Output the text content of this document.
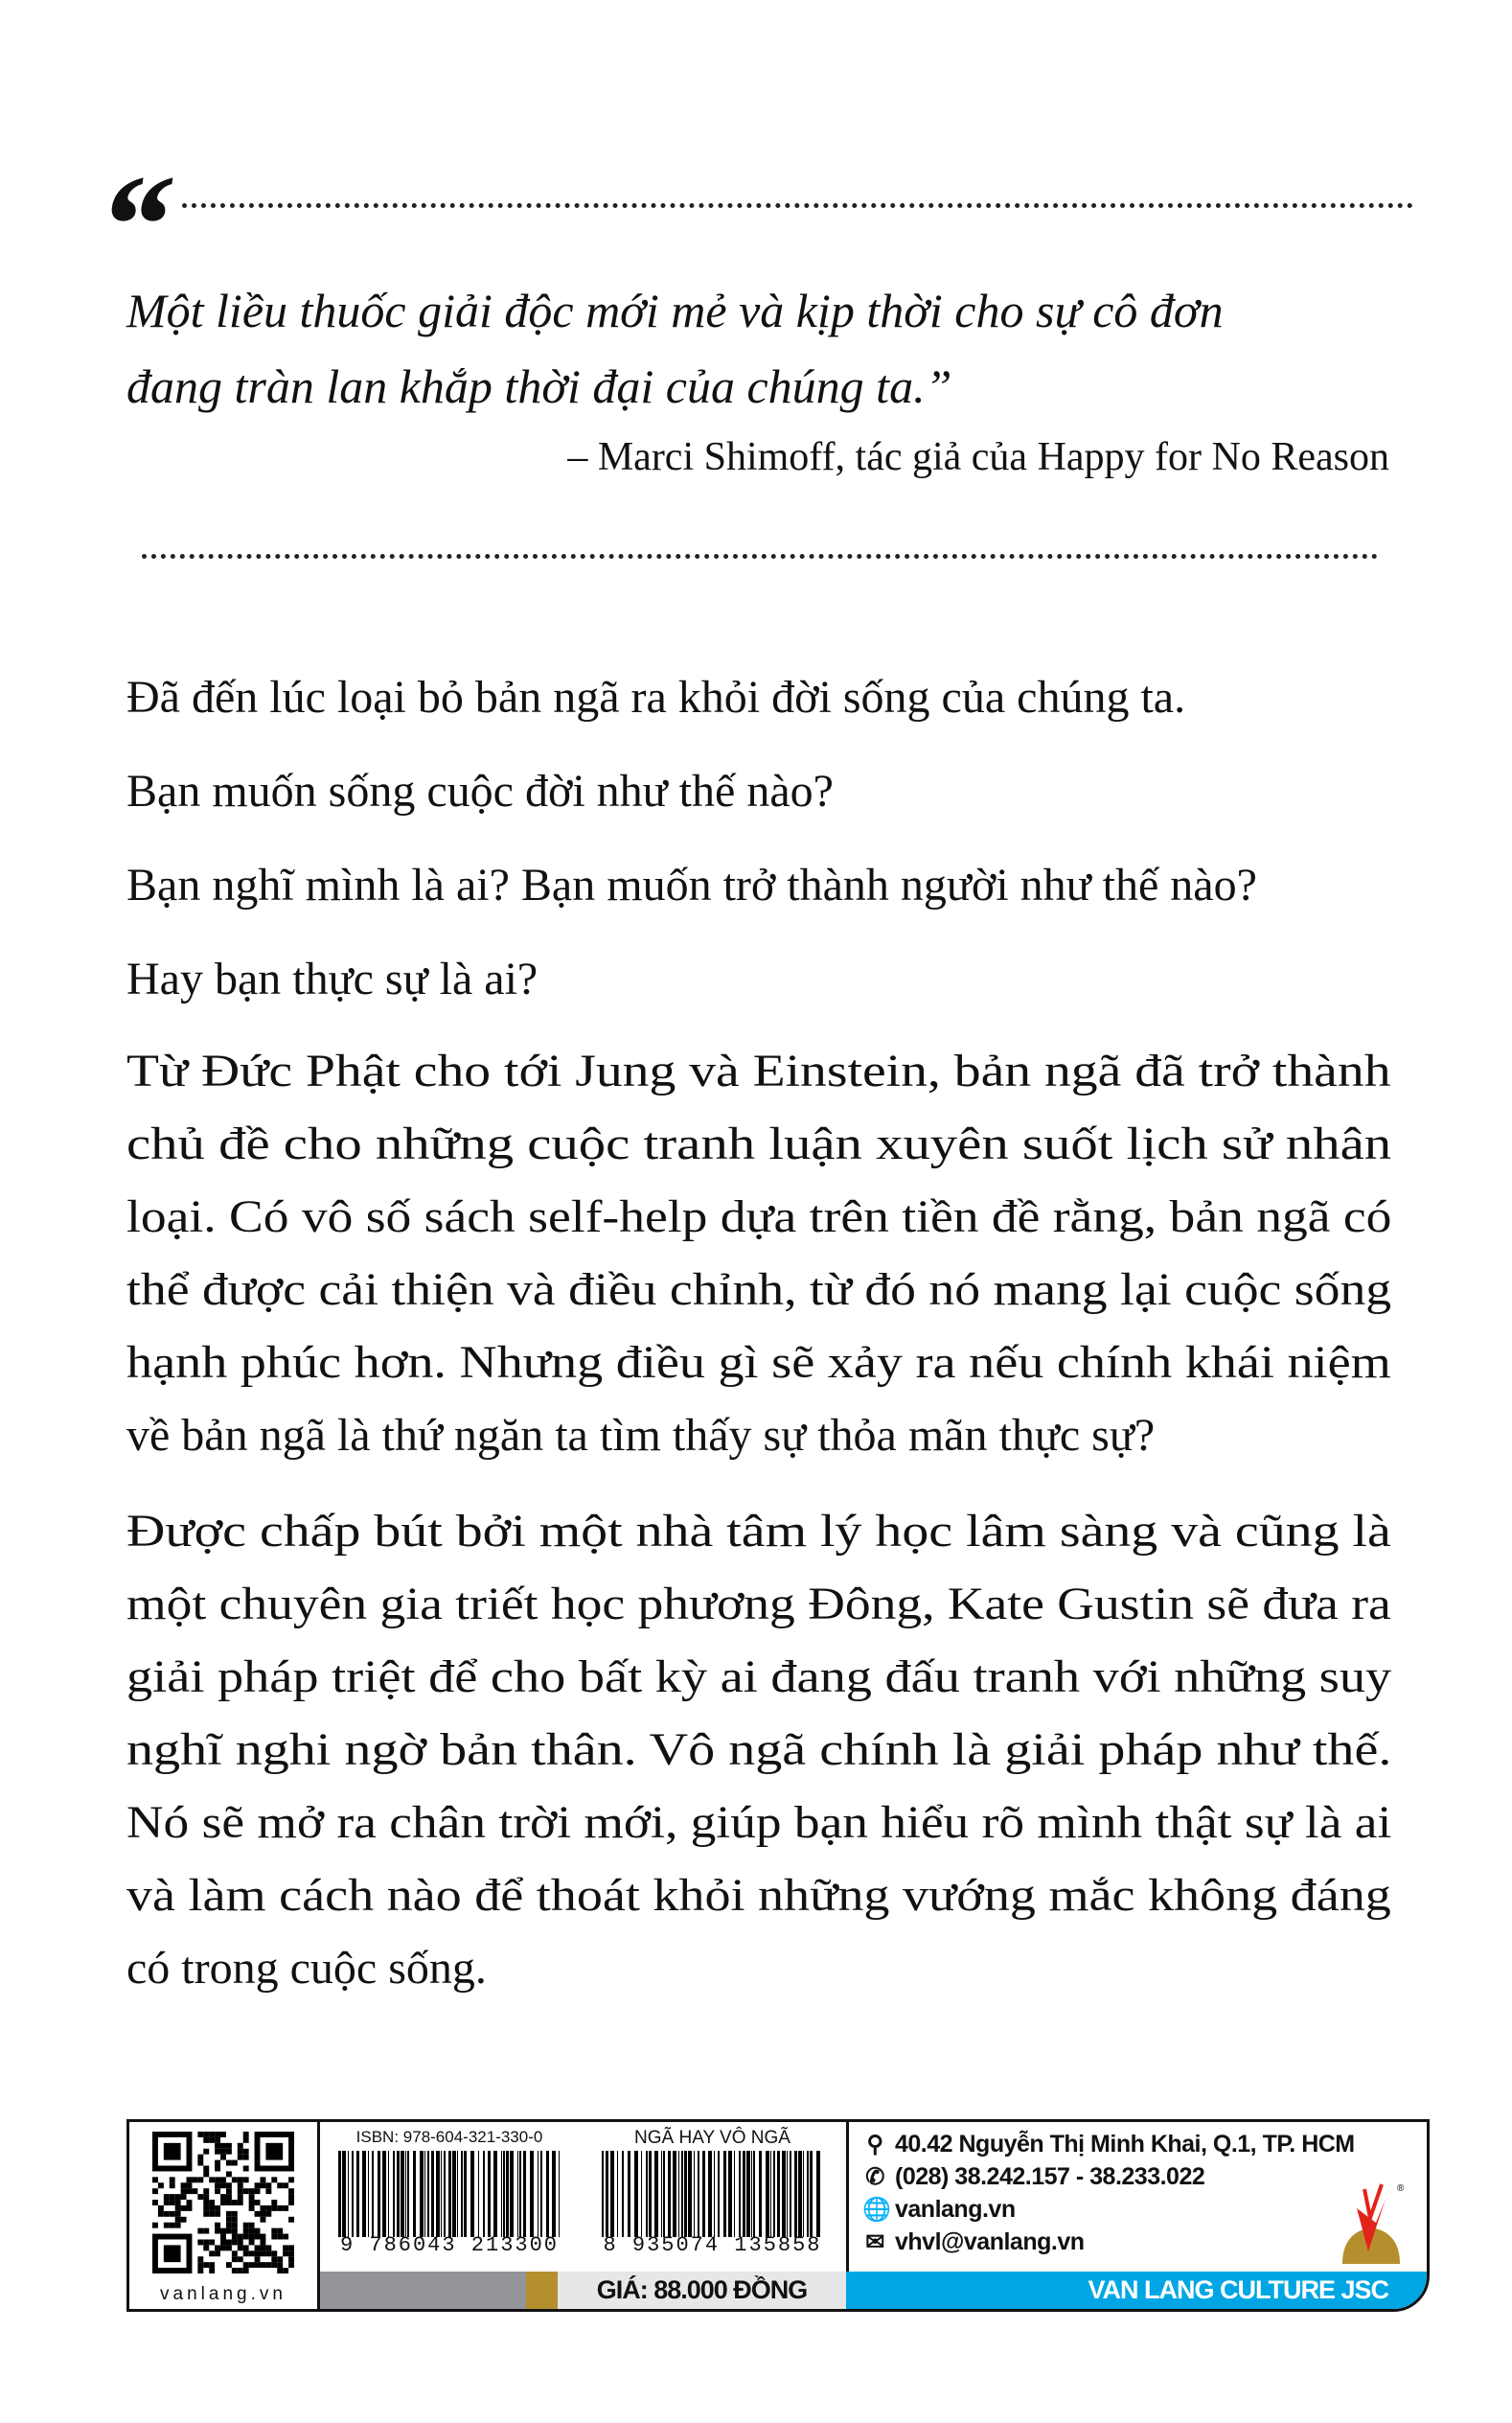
“
Một liều thuốc giải độc mới mẻ và kịp thời cho sự cô đơn
đang tràn lan khắp thời đại của chúng ta.”
– Marci Shimoff, tác giả của Happy for No Reason
Đã đến lúc loại bỏ bản ngã ra khỏi đời sống của chúng ta.
Bạn muốn sống cuộc đời như thế nào?
Bạn nghĩ mình là ai? Bạn muốn trở thành người như thế nào?
Hay bạn thực sự là ai?
Từ Đức Phật cho tới Jung và Einstein, bản ngã đã trở thành
chủ đề cho những cuộc tranh luận xuyên suốt lịch sử nhân
loại. Có vô số sách self-help dựa trên tiền đề rằng, bản ngã có
thể được cải thiện và điều chỉnh, từ đó nó mang lại cuộc sống
hạnh phúc hơn. Nhưng điều gì sẽ xảy ra nếu chính khái niệm
về bản ngã là thứ ngăn ta tìm thấy sự thỏa mãn thực sự?
Được chấp bút bởi một nhà tâm lý học lâm sàng và cũng là
một chuyên gia triết học phương Đông, Kate Gustin sẽ đưa ra
giải pháp triệt để cho bất kỳ ai đang đấu tranh với những suy
nghĩ nghi ngờ bản thân. Vô ngã chính là giải pháp như thế.
Nó sẽ mở ra chân trời mới, giúp bạn hiểu rõ mình thật sự là ai
và làm cách nào để thoát khỏi những vướng mắc không đáng
có trong cuộc sống.
vanlang.vn
ISBN: 978-604-321-330-0
9 786043 213300
NGÃ HAY VÔ NGÃ
8 935074 135858
⚲ 40.42 Nguyễn Thị Minh Khai, Q.1, TP. HCM
✆ (028) 38.242.157 - 38.233.022
🌐 vanlang.vn
✉ vhvl@vanlang.vn
®
GIÁ: 88.000 ĐỒNG	VAN LANG CULTURE JSC
